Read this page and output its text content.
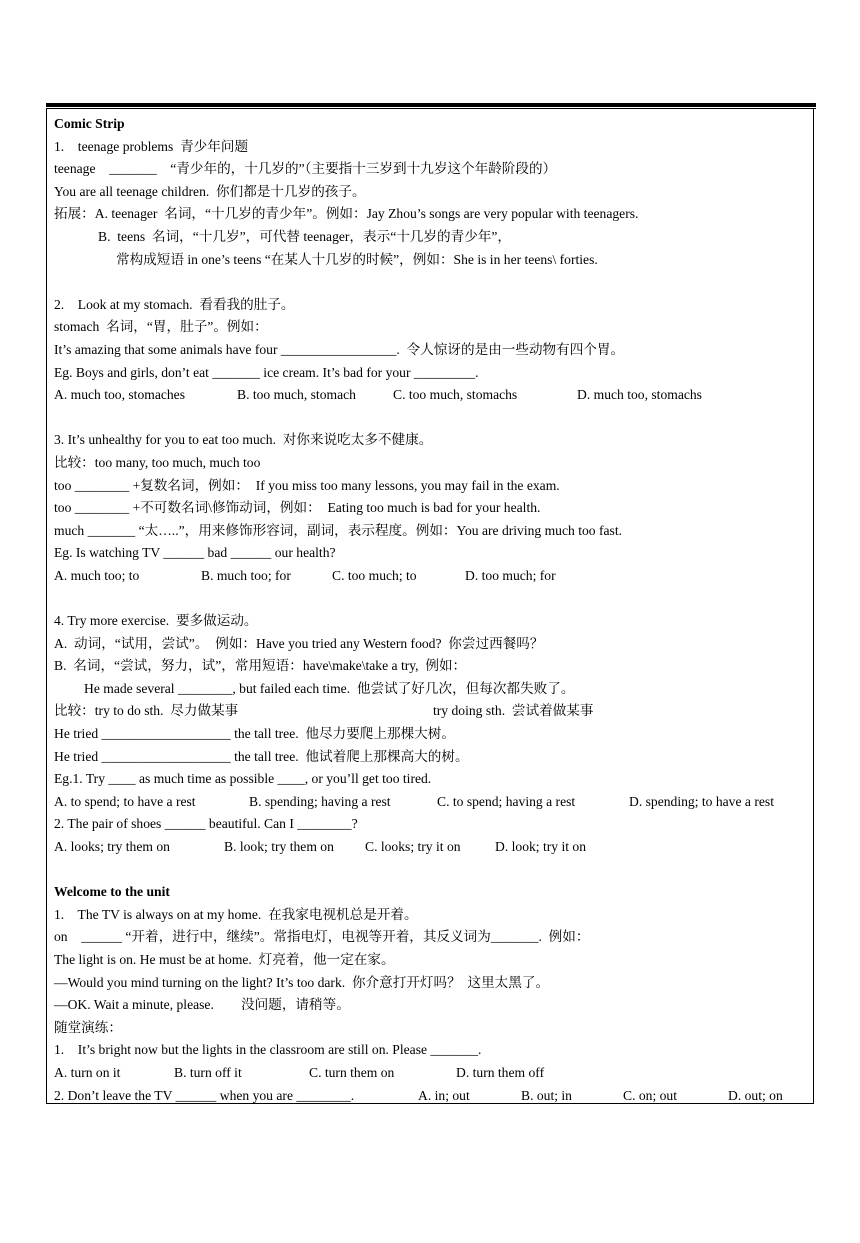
Comic Strip
1.    teenage problems  青少年问题
teenage    _______    “青少年的，十几岁的”（主要指十三岁到十九岁这个年龄阶段的）
You are all teenage children.  你们都是十几岁的孩子。
拓展：A. teenager  名词，“十几岁的青少年”。例如：Jay Zhou’s songs are very popular with teenagers.
B.  teens  名词，“十几岁”，可代替 teenager，表示“十几岁的青少年”，
常构成短语 in one’s teens “在某人十几岁的时候”，例如：She is in her teens\ forties.
2.    Look at my stomach.  看看我的肚子。
stomach  名词，“胃，肚子”。例如：
It’s amazing that some animals have four _________________.  令人惊讶的是由一些动物有四个胃。
Eg. Boys and girls, don’t eat _______ ice cream. It’s bad for your _________.

A. much too, stomaches

	B. too much, stomach

	C. too much, stomachs

	D. much too, stomachs

3. It’s unhealthy for you to eat too much.  对你来说吃太多不健康。
比较：too many, too much, much too
too ________ +复数名词，例如：  If you miss too many lessons, you may fail in the exam.
too ________ +不可数名词\修饰动词，例如：  Eating too much is bad for your health.
much _______ “太…..”，用来修饰形容词，副词，表示程度。例如：You are driving much too fast.
Eg. Is watching TV ______ bad ______ our health?

A. much too; to

	B. much too; for

	C. too much; to

	D. too much; for

4. Try more exercise.  要多做运动。
A.  动词，“试用，尝试”。  例如：Have you tried any Western food?  你尝过西餐吗？
B.  名词，“尝试，努力，试”，常用短语：have\make\take a try,  例如：
He made several ________, but failed each time.  他尝试了好几次，但每次都失败了。

比较：try to do sth.  尽力做某事

	try doing sth.  尝试着做某事

He tried ___________________ the tall tree.  他尽力要爬上那棵大树。
He tried ___________________ the tall tree.  他试着爬上那棵高大的树。
Eg.1. Try ____ as much time as possible ____, or you’ll get too tired.

A. to spend; to have a rest

	B. spending; having a rest

	C. to spend; having a rest

	D. spending; to have a rest

2. The pair of shoes ______ beautiful. Can I ________?

A. looks; try them on

	B. look; try them on

C. looks; try it on

	D. look; try it on

Welcome to the unit
1.    The TV is always on at my home.  在我家电视机总是开着。
on    ______ “开着，进行中，继续”。常指电灯，电视等开着，其反义词为_______.  例如：
The light is on. He must be at home.  灯亮着，他一定在家。
—Would you mind turning on the light? It’s too dark.  你介意打开灯吗？  这里太黑了。
—OK. Wait a minute, please.        没问题，请稍等。
随堂演练：
1.    It’s bright now but the lights in the classroom are still on. Please _______.

A. turn on it

	B. turn off it

	C. turn them on

	D. turn them off

2. Don’t leave the TV ______ when you are ________.

	A. in; out

	B. out; in

	C. on; out

	D. out; on
